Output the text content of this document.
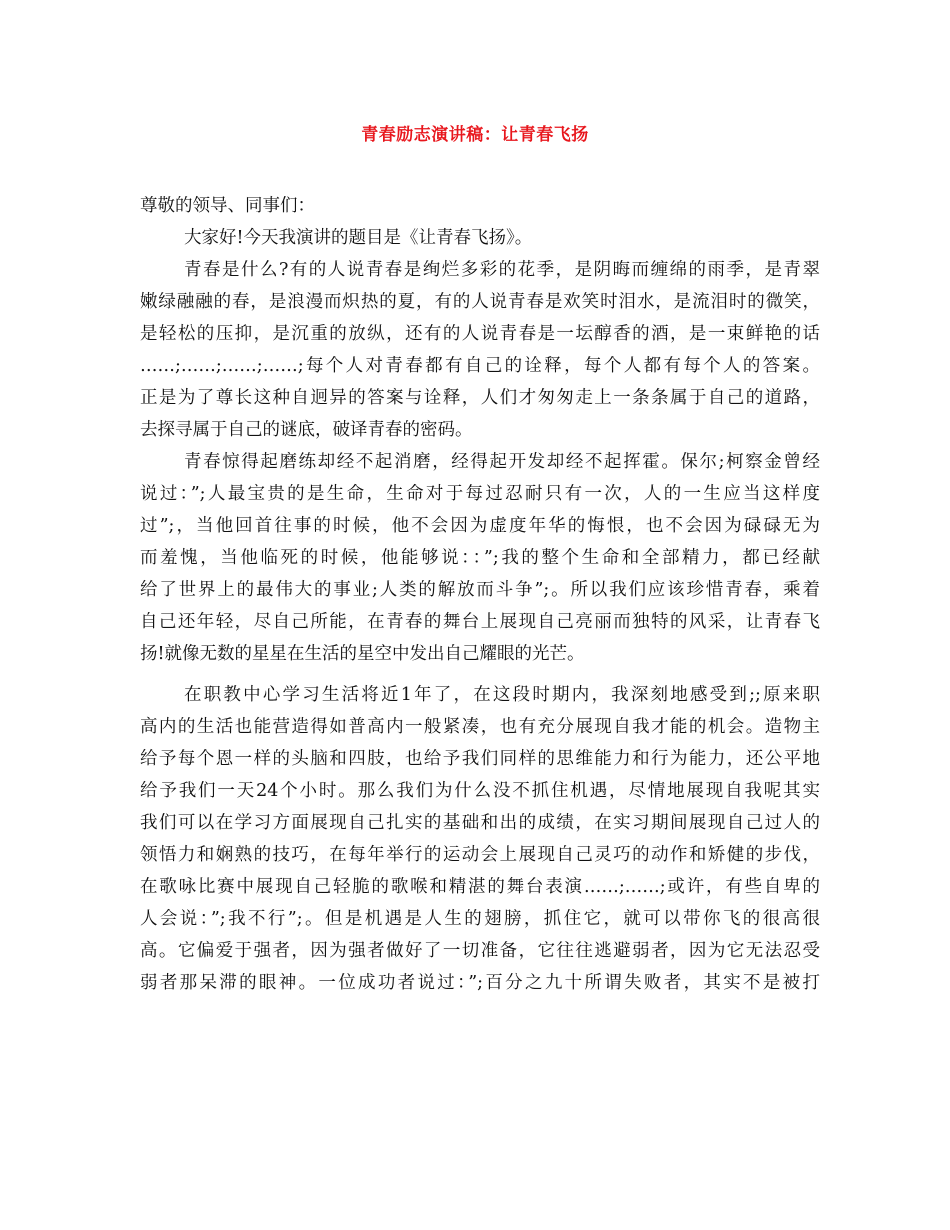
青春励志演讲稿：让青春飞扬
尊敬的领导、同事们：
大家好!今天我演讲的题目是《让青春飞扬》。
青春是什么?有的人说青春是绚烂多彩的花季，是阴晦而缠绵的雨季，是青翠
嫩绿融融的春，是浪漫而炽热的夏，有的人说青春是欢笑时泪水，是流泪时的微笑，
是轻松的压抑，是沉重的放纵，还有的人说青春是一坛醇香的酒，是一束鲜艳的话
……;……;……;……;每个人对青春都有自己的诠释，每个人都有每个人的答案。
正是为了尊长这种自迥异的答案与诠释，人们才匆匆走上一条条属于自己的道路，
去探寻属于自己的谜底，破译青春的密码。
青春惊得起磨练却经不起消磨，经得起开发却经不起挥霍。保尔;柯察金曾经
说过：”;人最宝贵的是生命，生命对于每过忍耐只有一次，人的一生应当这样度
过”;，当他回首往事的时候，他不会因为虚度年华的悔恨，也不会因为碌碌无为
而羞愧，当他临死的时候，他能够说：：”;我的整个生命和全部精力，都已经献
给了世界上的最伟大的事业;人类的解放而斗争”;。所以我们应该珍惜青春，乘着
自己还年轻，尽自己所能，在青春的舞台上展现自己亮丽而独特的风采，让青春飞
扬!就像无数的星星在生活的星空中发出自己耀眼的光芒。
在职教中心学习生活将近1年了，在这段时期内，我深刻地感受到;;原来职
高内的生活也能营造得如普高内一般紧凑，也有充分展现自我才能的机会。造物主
给予每个恩一样的头脑和四肢，也给予我们同样的思维能力和行为能力，还公平地
给予我们一天24个小时。那么我们为什么没不抓住机遇，尽情地展现自我呢其实
我们可以在学习方面展现自己扎实的基础和出的成绩，在实习期间展现自己过人的
领悟力和娴熟的技巧，在每年举行的运动会上展现自己灵巧的动作和矫健的步伐，
在歌咏比赛中展现自己轻脆的歌喉和精湛的舞台表演……;……;或许，有些自卑的
人会说：”;我不行”;。但是机遇是人生的翅膀，抓住它，就可以带你飞的很高很
高。它偏爱于强者，因为强者做好了一切准备，它往往逃避弱者，因为它无法忍受
弱者那呆滞的眼神。一位成功者说过：”;百分之九十所谓失败者，其实不是被打
